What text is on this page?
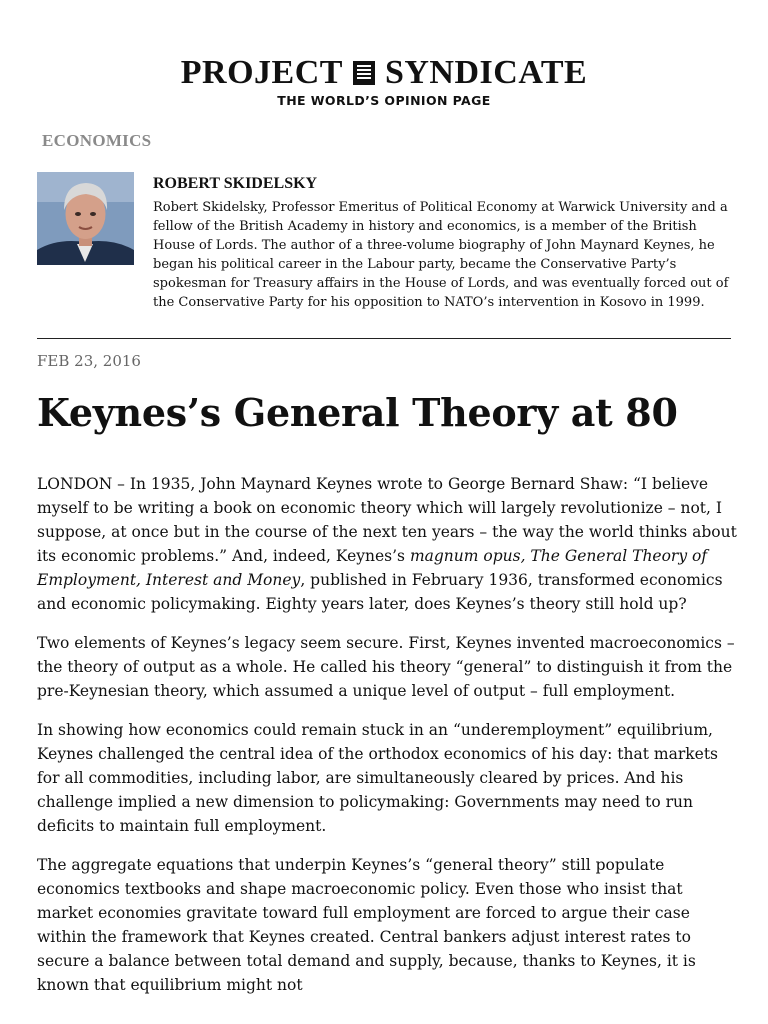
PROJECT SYNDICATE
THE WORLD’S OPINION PAGE
ECONOMICS
ROBERT SKIDELSKY
Robert Skidelsky, Professor Emeritus of Political Economy at Warwick University and a fellow of the British Academy in history and economics, is a member of the British House of Lords. The author of a three-volume biography of John Maynard Keynes, he began his political career in the Labour party, became the Conservative Party’s spokesman for Treasury affairs in the House of Lords, and was eventually forced out of the Conservative Party for his opposition to NATO’s intervention in Kosovo in 1999.
FEB 23, 2016
Keynes’s General Theory at 80

LONDON – In 1935, John Maynard Keynes wrote to George Bernard Shaw: “I believe myself to be writing a book on economic theory which will largely revolutionize – not, I suppose, at once but in the course of the next ten years – the way the world thinks about its economic problems.” And, indeed, Keynes’s magnum opus, The General Theory of Employment, Interest and Money, published in February 1936, transformed economics and economic policymaking. Eighty years later, does Keynes’s theory still hold up?

Two elements of Keynes’s legacy seem secure. First, Keynes invented macroeconomics – the theory of output as a whole. He called his theory “general” to distinguish it from the pre-Keynesian theory, which assumed a unique level of output – full employment.

In showing how economics could remain stuck in an “underemployment” equilibrium, Keynes challenged the central idea of the orthodox economics of his day: that markets for all commodities, including labor, are simultaneously cleared by prices. And his challenge implied a new dimension to policymaking: Governments may need to run deficits to maintain full employment.

The aggregate equations that underpin Keynes’s “general theory” still populate economics textbooks and shape macroeconomic policy. Even those who insist that market economies gravitate toward full employment are forced to argue their case within the framework that Keynes created. Central bankers adjust interest rates to secure a balance between total demand and supply, because, thanks to Keynes, it is known that equilibrium might not
